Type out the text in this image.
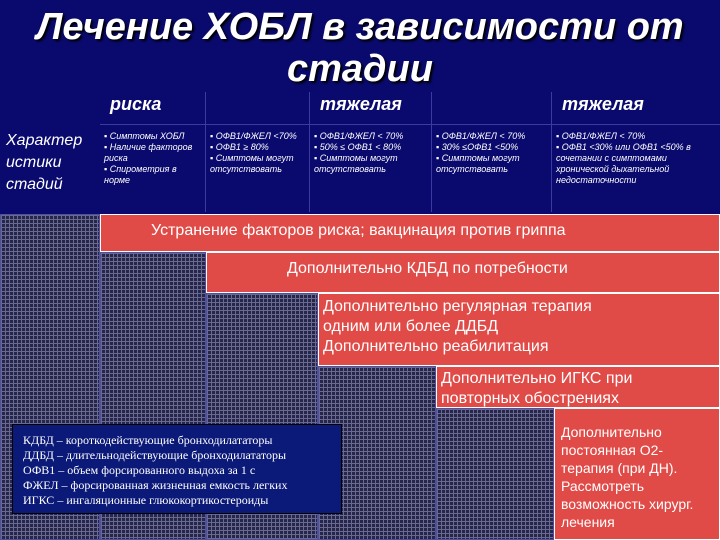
риска
	тяжелая
	тяжелая
Лечение ХОБЛ в зависимости от
стадии
Характер
истики
стадий
▪ Симптомы ХОБЛ
▪ Наличие факторов риска
▪ Спирометрия в норме
▪ ОФВ1/ФЖЕЛ <70%
▪ ОФВ1 ≥ 80%
▪ Симптомы могут отсутствовать
▪ ОФВ1/ФЖЕЛ < 70%
▪ 50% ≤ ОФВ1 < 80%
▪ Симптомы могут отсутствовать
▪ ОФВ1/ФЖЕЛ < 70%
▪ 30% ≤ОФВ1 <50%
▪ Симптомы могут отсутствовать
▪ ОФВ1/ФЖЕЛ < 70%
▪ ОФВ1 <30% или ОФВ1 <50% в сочетании с симптомами хронической дыхательной недостаточности
Устранение факторов риска; вакцинация против гриппа
Дополнительно КДБД по потребности
Дополнительно регулярная терапия
одним или более ДДБД
Дополнительно реабилитация
Дополнительно ИГКС при
повторных обострениях
Дополнительно
постоянная О2-
терапия (при ДН).
Рассмотреть
возможность хирург.
лечения
КДБД – короткодействующие бронходилататоры
ДДБД – длительнодействующие бронходилататоры
ОФВ1 – объем форсированного выдоха за 1 с
ФЖЕЛ – форсированная жизненная емкость легких
ИГКС – ингаляционные глюкокортикостероиды
